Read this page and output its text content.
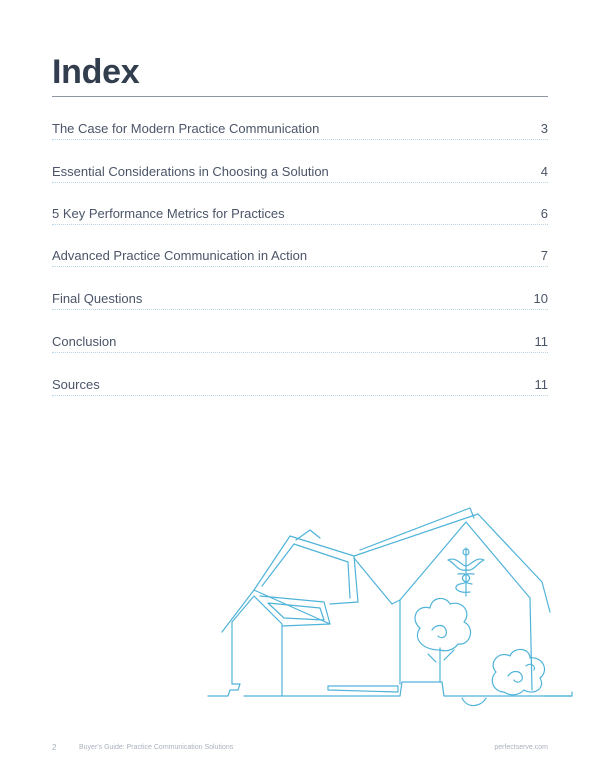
Index
The Case for Modern Practice Communication	3
Essential Considerations in Choosing a Solution	4
5 Key Performance Metrics for Practices	6
Advanced Practice Communication in Action	7
Final Questions	10
Conclusion	11
Sources	11
2	Buyer's Guide: Practice Communication Solutions	perfectserve.com
